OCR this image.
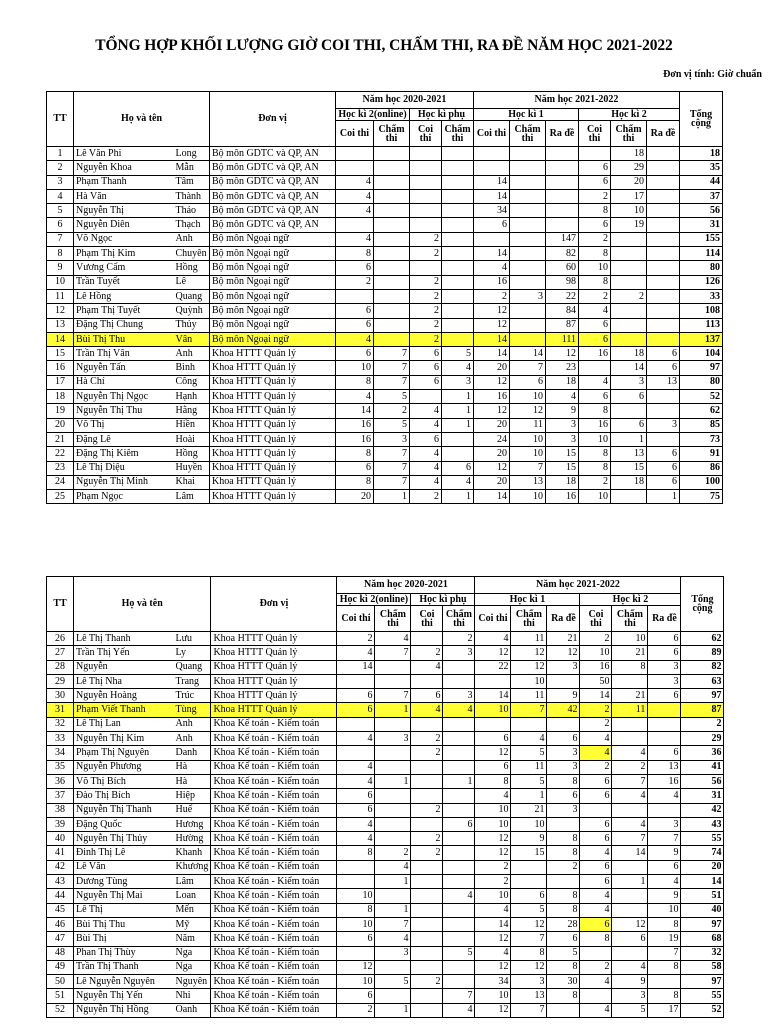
TỔNG HỢP KHỐI LƯỢNG GIỜ COI THI, CHẤM THI, RA ĐỀ NĂM HỌC 2021-2022
Đơn vị tính: Giờ chuẩn
TT	Họ và tên		Đơn vị	Năm học 2020-2021				Năm học 2021-2022						Tổng cộng
				Học kì 2(online)		Học kì phụ		Học kì 1			Học kì 2			
				Coi thi	Chấm thi	Coi thi	Chấm thi	Coi thi	Chấm thi	Ra đề	Coi thi	Chấm thi	Ra đề	
1	Lê Văn Phi	Long	Bộ môn GDTC và QP, AN									18		18
2	Nguyễn Khoa	Mẫn	Bộ môn GDTC và QP, AN								6	29		35
3	Phạm Thanh	Tâm	Bộ môn GDTC và QP, AN	4				14			6	20		44
4	Hà Văn	Thành	Bộ môn GDTC và QP, AN	4				14			2	17		37
5	Nguyễn Thị	Thảo	Bộ môn GDTC và QP, AN	4				34			8	10		56
6	Nguyễn Diên	Thạch	Bộ môn GDTC và QP, AN					6			6	19		31
7	Võ Ngọc	Anh	Bộ môn Ngoại ngữ	4		2				147	2			155
8	Phạm Thị Kim	Chuyên	Bộ môn Ngoại ngữ	8		2		14		82	8			114
9	Vương Cẩm	Hồng	Bộ môn Ngoại ngữ	6				4		60	10			80
10	Trần Tuyết	Lê	Bộ môn Ngoại ngữ	2		2		16		98	8			126
11	Lê Hồng	Quang	Bộ môn Ngoại ngữ			2		2	3	22	2	2		33
12	Phạm Thị Tuyết	Quỳnh	Bộ môn Ngoại ngữ	6		2		12		84	4			108
13	Đặng Thị Chung	Thủy	Bộ môn Ngoại ngữ	6		2		12		87	6			113
14	Bùi Thị Thu	Vân	Bộ môn Ngoại ngữ	4		2		14		111	6			137
15	Trần Thị Vân	Anh	Khoa HTTT Quản lý	6	7	6	5	14	14	12	16	18	6	104
16	Nguyễn Tấn	Bình	Khoa HTTT Quản lý	10	7	6	4	20	7	23		14	6	97
17	Hà Chí	Công	Khoa HTTT Quản lý	8	7	6	3	12	6	18	4	3	13	80
18	Nguyễn Thị Ngọc	Hạnh	Khoa HTTT Quản lý	4	5		1	16	10	4	6	6		52
19	Nguyễn Thị Thu	Hằng	Khoa HTTT Quản lý	14	2	4	1	12	12	9	8			62
20	Võ Thị	Hiền	Khoa HTTT Quản lý	16	5	4	1	20	11	3	16	6	3	85
21	Đặng Lê	Hoài	Khoa HTTT Quản lý	16	3	6		24	10	3	10	1		73
22	Đặng Thị Kiêm	Hồng	Khoa HTTT Quản lý	8	7	4		20	10	15	8	13	6	91
23	Lê Thị Diệu	Huyền	Khoa HTTT Quản lý	6	7	4	6	12	7	15	8	15	6	86
24	Nguyễn Thị Minh	Khai	Khoa HTTT Quản lý	8	7	4	4	20	13	18	2	18	6	100
25	Phạm Ngọc	Lâm	Khoa HTTT Quản lý	20	1	2	1	14	10	16	10		1	75
TT	Họ và tên		Đơn vị	Năm học 2020-2021				Năm học 2021-2022						Tổng cộng
				Học kì 2(online)		Học kì phụ		Học kì 1			Học kì 2			
				Coi thi	Chấm thi	Coi thi	Chấm thi	Coi thi	Chấm thi	Ra đề	Coi thi	Chấm thi	Ra đề	
26	Lê Thị Thanh	Lưu	Khoa HTTT Quản lý	2	4		2	4	11	21	2	10	6	62
27	Trần Thị Yến	Ly	Khoa HTTT Quản lý	4	7	2	3	12	12	12	10	21	6	89
28	Nguyễn	Quang	Khoa HTTT Quản lý	14		4		22	12	3	16	8	3	82
29	Lê Thị Nha	Trang	Khoa HTTT Quản lý						10		50		3	63
30	Nguyễn Hoàng	Trúc	Khoa HTTT Quản lý	6	7	6	3	14	11	9	14	21	6	97
31	Phạm Viết Thanh	Tùng	Khoa HTTT Quản lý	6	1	4	4	10	7	42	2	11		87
32	Lê Thị Lan	Anh	Khoa Kế toán - Kiểm toán								2			2
33	Nguyễn Thị Kim	Anh	Khoa Kế toán - Kiểm toán	4	3	2		6	4	6	4			29
34	Phạm Thị Nguyên	Danh	Khoa Kế toán - Kiểm toán			2		12	5	3	4	4	6	36
35	Nguyễn Phương	Hà	Khoa Kế toán - Kiểm toán	4				6	11	3	2	2	13	41
36	Võ Thị Bích	Hà	Khoa Kế toán - Kiểm toán	4	1		1	8	5	8	6	7	16	56
37	Đào Thị Bích	Hiệp	Khoa Kế toán - Kiểm toán	6				4	1	6	6	4	4	31
38	Nguyễn Thị Thanh	Huế	Khoa Kế toán - Kiểm toán	6		2		10	21	3				42
39	Đặng Quốc	Hương	Khoa Kế toán - Kiểm toán	4			6	10	10		6	4	3	43
40	Nguyễn Thị Thủy	Hường	Khoa Kế toán - Kiểm toán	4		2		12	9	8	6	7	7	55
41	Đinh Thị Lê	Khanh	Khoa Kế toán - Kiểm toán	8	2	2		12	15	8	4	14	9	74
42	Lê Văn	Khương	Khoa Kế toán - Kiểm toán		4			2		2	6		6	20
43	Dương Tùng	Lâm	Khoa Kế toán - Kiểm toán		1			2			6	1	4	14
44	Nguyễn Thị Mai	Loan	Khoa Kế toán - Kiểm toán	10			4	10	6	8	4		9	51
45	Lê Thị	Mến	Khoa Kế toán - Kiểm toán	8	1			4	5	8	4		10	40
46	Bùi Thị Thu	Mỹ	Khoa Kế toán - Kiểm toán	10	7			14	12	28	6	12	8	97
47	Bùi Thị	Năm	Khoa Kế toán - Kiểm toán	6	4			12	7	6	8	6	19	68
48	Phan Thị Thùy	Nga	Khoa Kế toán - Kiểm toán		3		5	4	8	5			7	32
49	Trần Thị Thanh	Nga	Khoa Kế toán - Kiểm toán	12				12	12	8	2	4	8	58
50	Lê Nguyễn Nguyên	Nguyên	Khoa Kế toán - Kiểm toán	10	5	2		34	3	30	4	9		97
51	Nguyễn Thị Yến	Nhi	Khoa Kế toán - Kiểm toán	6			7	10	13	8		3	8	55
52	Nguyễn Thị Hồng	Oanh	Khoa Kế toán - Kiểm toán	2	1		4	12	7		4	5	17	52
